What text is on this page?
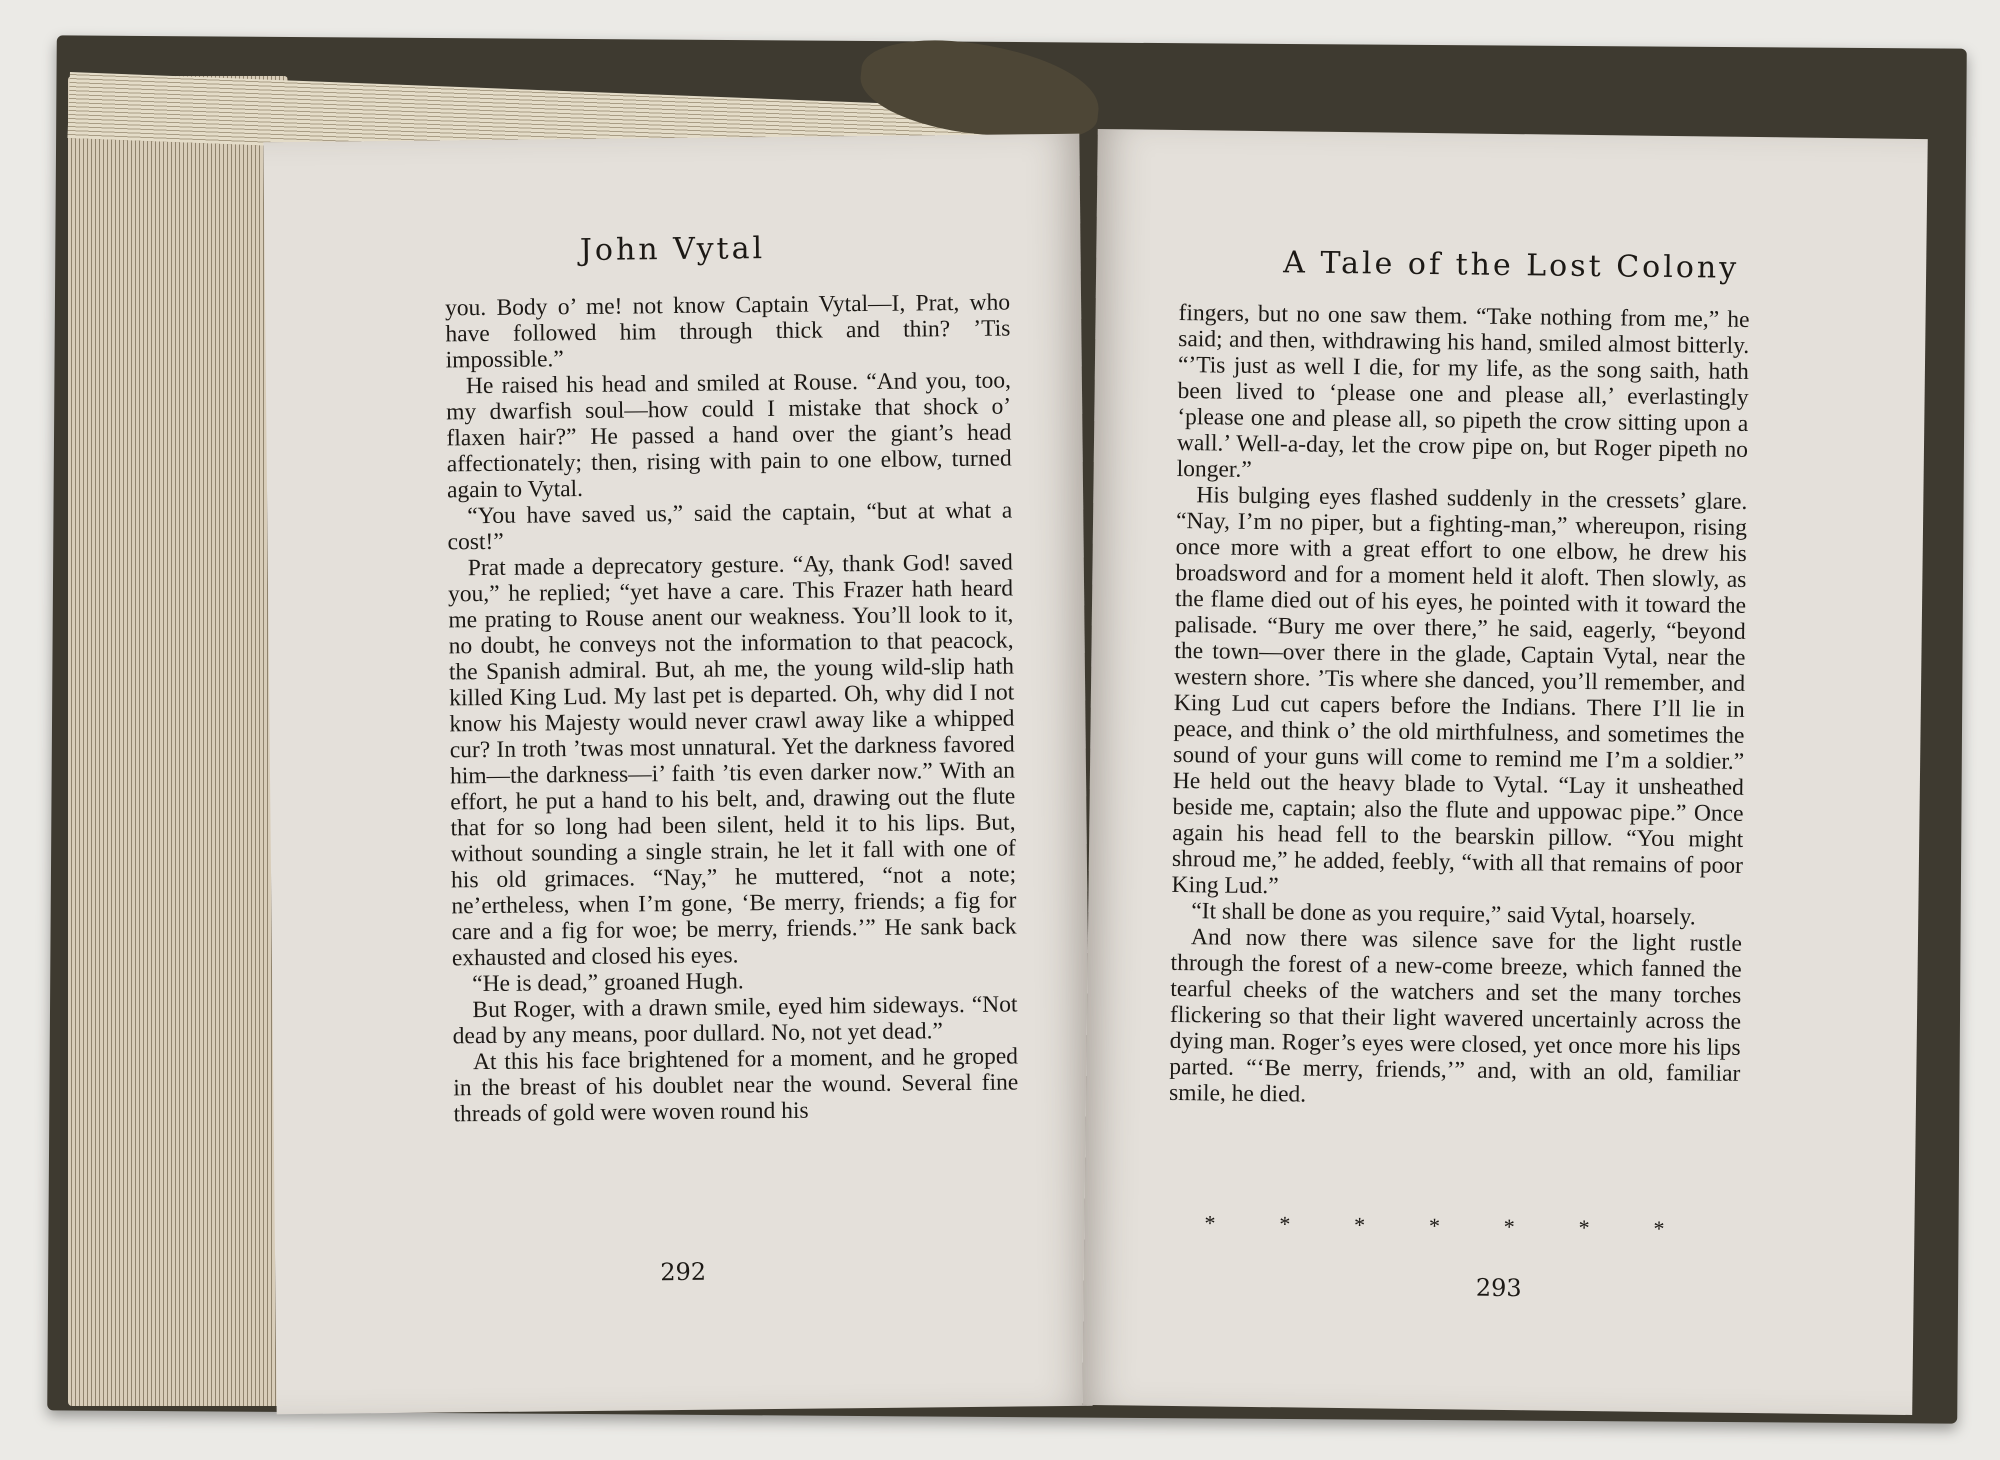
John Vytal

you. Body o’ me! not know Captain Vytal—I, Prat, who have followed him through thick and thin? ’Tis impossible.”

He raised his head and smiled at Rouse. “And you, too, my dwarfish soul—how could I mistake that shock o’ flaxen hair?” He passed a hand over the giant’s head affectionately; then, rising with pain to one elbow, turned again to Vytal.

“You have saved us,” said the captain, “but at what a cost!”

Prat made a deprecatory gesture. “Ay, thank God! saved you,” he replied; “yet have a care. This Frazer hath heard me prating to Rouse anent our weakness. You’ll look to it, no doubt, he conveys not the information to that peacock, the Spanish admiral. But, ah me, the young wild-slip hath killed King Lud. My last pet is departed. Oh, why did I not know his Majesty would never crawl away like a whipped cur? In troth ’twas most unnatural. Yet the darkness favored him—the darkness—i’ faith ’tis even darker now.” With an effort, he put a hand to his belt, and, drawing out the flute that for so long had been silent, held it to his lips. But, without sounding a single strain, he let it fall with one of his old grimaces. “Nay,” he muttered, “not a note; ne’ertheless, when I’m gone, ‘Be merry, friends; a fig for care and a fig for woe; be merry, friends.’” He sank back exhausted and closed his eyes.

“He is dead,” groaned Hugh.

But Roger, with a drawn smile, eyed him sideways. “Not dead by any means, poor dullard. No, not yet dead.”

At this his face brightened for a moment, and he groped in the breast of his doublet near the wound. Several fine threads of gold were woven round his

292
A Tale of the Lost Colony

fingers, but no one saw them. “Take nothing from me,” he said; and then, withdrawing his hand, smiled almost bitterly. “’Tis just as well I die, for my life, as the song saith, hath been lived to ‘please one and please all,’ everlastingly ‘please one and please all, so pipeth the crow sitting upon a wall.’ Well-a-day, let the crow pipe on, but Roger pipeth no longer.”

His bulging eyes flashed suddenly in the cressets’ glare. “Nay, I’m no piper, but a fighting-man,” whereupon, rising once more with a great effort to one elbow, he drew his broadsword and for a moment held it aloft. Then slowly, as the flame died out of his eyes, he pointed with it toward the palisade. “Bury me over there,” he said, eagerly, “beyond the town—over there in the glade, Captain Vytal, near the western shore. ’Tis where she danced, you’ll remember, and King Lud cut capers before the Indians. There I’ll lie in peace, and think o’ the old mirthfulness, and sometimes the sound of your guns will come to remind me I’m a soldier.” He held out the heavy blade to Vytal. “Lay it unsheathed beside me, captain; also the flute and uppowac pipe.” Once again his head fell to the bearskin pillow. “You might shroud me,” he added, feebly, “with all that remains of poor King Lud.”

“It shall be done as you require,” said Vytal, hoarsely.

And now there was silence save for the light rustle through the forest of a new-come breeze, which fanned the tearful cheeks of the watchers and set the many torches flickering so that their light wavered uncertainly across the dying man. Roger’s eyes were closed, yet once more his lips parted. “‘Be merry, friends,’” and, with an old, familiar smile, he died.

*	*	*	*	*	*	*
293
